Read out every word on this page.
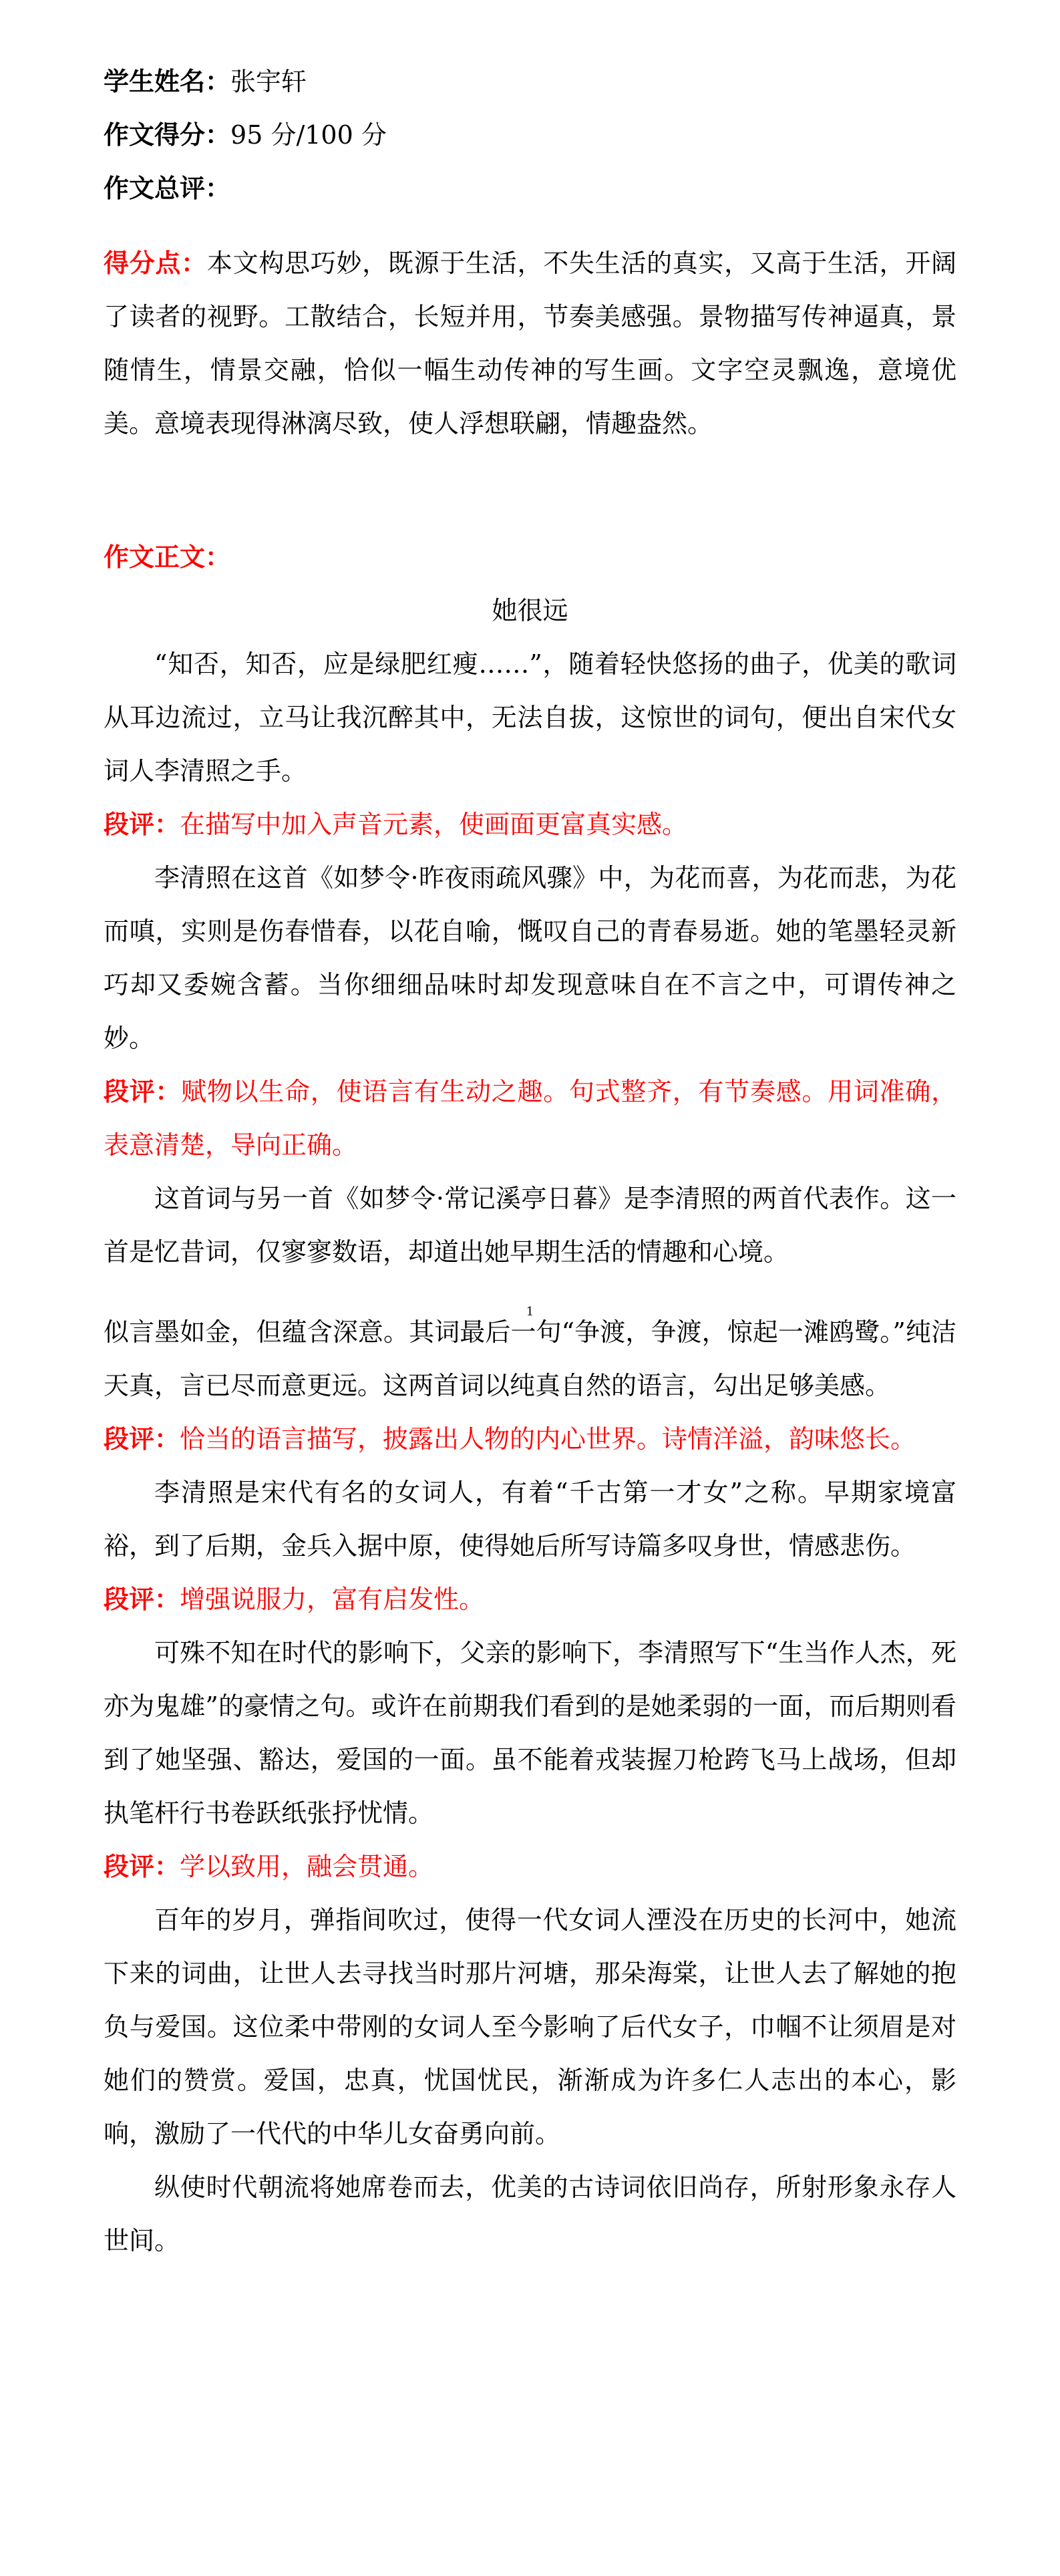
学生姓名：张宇轩
作文得分：95 分/100 分
作文总评：
得分点：本文构思巧妙，既源于生活，不失生活的真实，又高于生活，开阔了读者的视野。工散结合，长短并用，节奏美感强。景物描写传神逼真，景随情生，情景交融，恰似一幅生动传神的写生画。文字空灵飘逸，意境优美。意境表现得淋漓尽致，使人浮想联翩，情趣盎然。
作文正文：
她很远

“知否，知否，应是绿肥红瘦……”，随着轻快悠扬的曲子，优美的歌词从耳边流过，立马让我沉醉其中，无法自拔，这惊世的词句，便出自宋代女词人李清照之手。

段评：在描写中加入声音元素，使画面更富真实感。

李清照在这首《如梦令·昨夜雨疏风骤》中，为花而喜，为花而悲，为花而嗔，实则是伤春惜春，以花自喻，慨叹自己的青春易逝。她的笔墨轻灵新巧却又委婉含蓄。当你细细品味时却发现意味自在不言之中，可谓传神之妙。

段评：赋物以生命，使语言有生动之趣。句式整齐，有节奏感。用词准确，表意清楚，导向正确。

这首词与另一首《如梦令·常记溪亭日暮》是李清照的两首代表作。这一首是忆昔词，仅寥寥数语，却道出她早期生活的情趣和心境。

似言墨如金，但蕴含深意。其词最后一句“争渡，争渡，惊起一滩鸥鹭。”纯洁天真，言已尽而意更远。这两首词以纯真自然的语言，勾出足够美感。

段评：恰当的语言描写，披露出人物的内心世界。诗情洋溢，韵味悠长。

李清照是宋代有名的女词人，有着“千古第一才女”之称。早期家境富裕，到了后期，金兵入据中原，使得她后所写诗篇多叹身世，情感悲伤。

段评：增强说服力，富有启发性。

可殊不知在时代的影响下，父亲的影响下，李清照写下“生当作人杰，死亦为鬼雄”的豪情之句。或许在前期我们看到的是她柔弱的一面，而后期则看到了她坚强、豁达，爱国的一面。虽不能着戎装握刀枪跨飞马上战场，但却执笔杆行书卷跃纸张抒忧情。

段评：学以致用，融会贯通。

百年的岁月，弹指间吹过，使得一代女词人湮没在历史的长河中，她流下来的词曲，让世人去寻找当时那片河塘，那朵海棠，让世人去了解她的抱负与爱国。这位柔中带刚的女词人至今影响了后代女子，巾帼不让须眉是对她们的赞赏。爱国，忠真，忧国忧民，渐渐成为许多仁人志出的本心，影响，激励了一代代的中华儿女奋勇向前。

纵使时代朝流将她席卷而去，优美的古诗词依旧尚存，所射形象永存人世间。

1
